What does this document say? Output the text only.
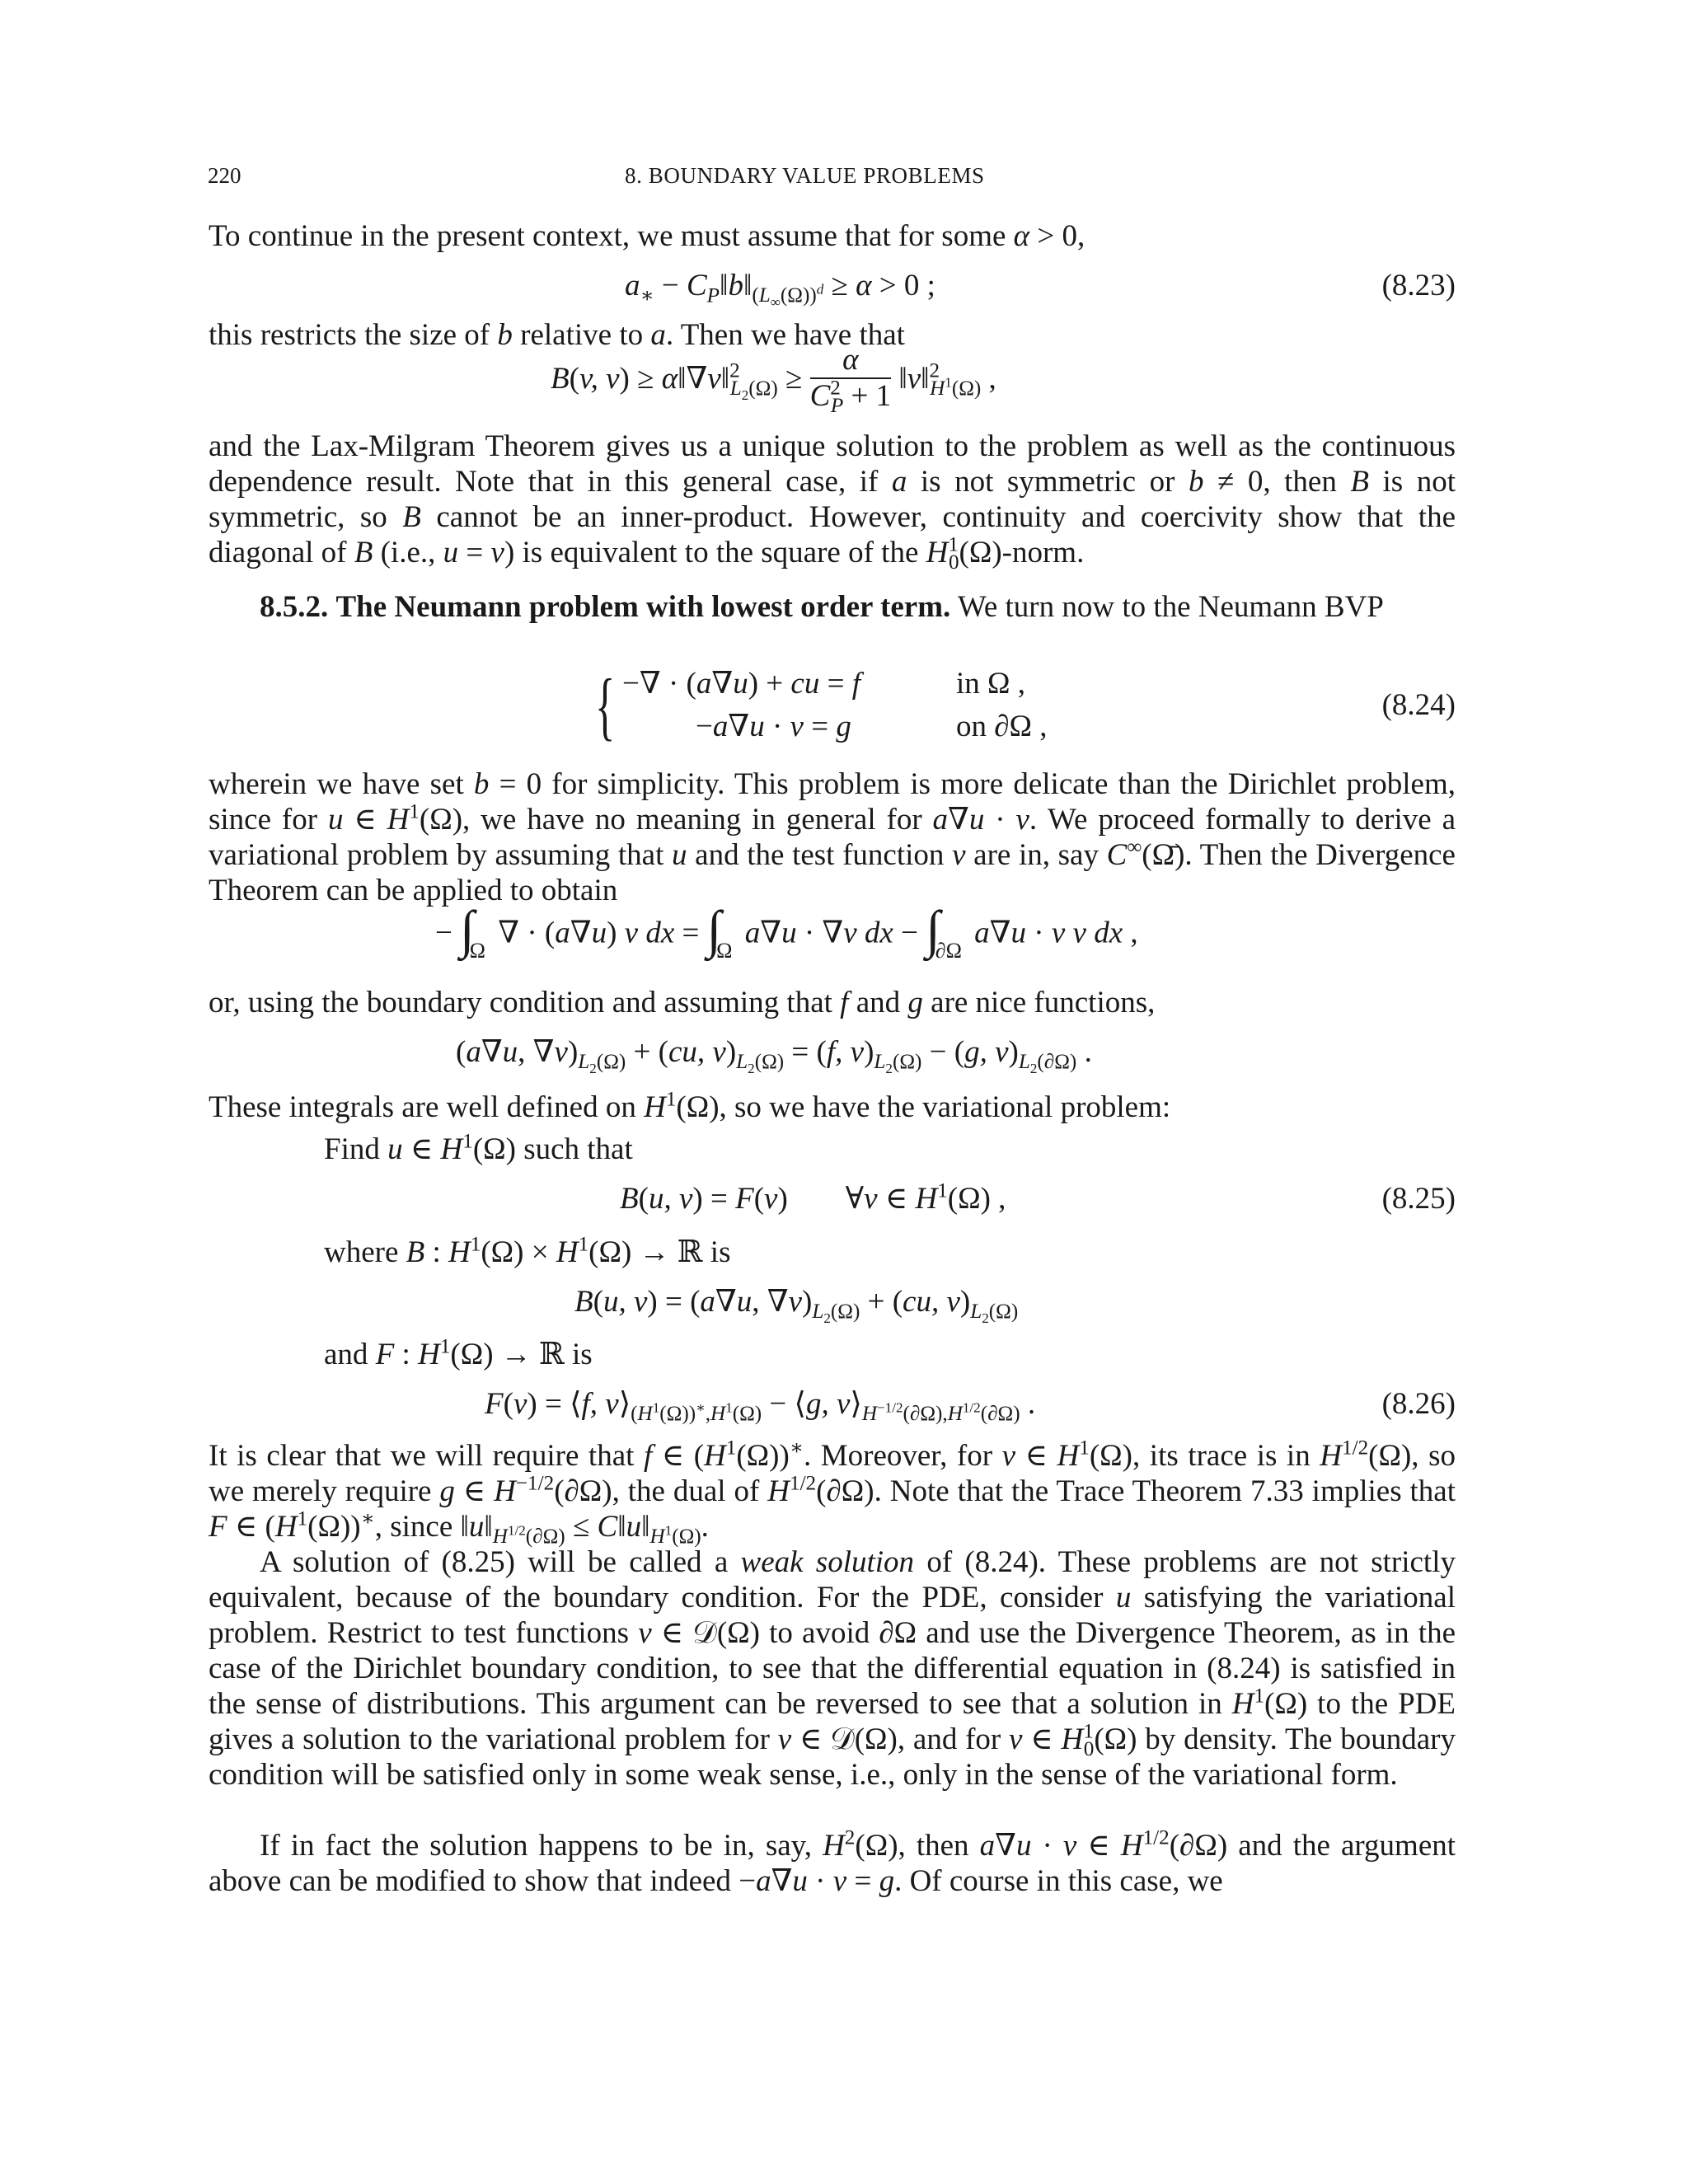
220	8. BOUNDARY VALUE PROBLEMS
To continue in the present context, we must assume that for some α > 0,
$a_∗$ − $C_P‖b‖_{(L_\infty(\Omega))^d} \ge \alpha > 0$ ;	(8.23)
this restricts the size of b relative to a. Then we have that
B(v, v) ≥ α‖∇v‖$^2_{L_2(\Omega)}$ ≥ $\frac{\alpha}{C^2_P + 1}$ ‖v‖$^2_{H^1(\Omega)}$ ,
and the Lax-Milgram Theorem gives us a unique solution to the problem as well as the continuous dependence result. Note that in this general case, if a is not symmetric or b ≠ 0, then B is not symmetric, so B cannot be an inner-product. However, continuity and coercivity show that the diagonal of B (i.e., u = v) is equivalent to the square of the $H^1_0(\Omega)$-norm.
8.5.2. The Neumann problem with lowest order term. We turn now to the Neumann BVP
{ −∇ · (a∇u) + cu = f	in Ω ,
−a∇u · ν = g	on ∂Ω ,
(8.24)
wherein we have set b = 0 for simplicity. This problem is more delicate than the Dirichlet problem, since for u ∈ $H^1(\Omega)$, we have no meaning in general for a∇u · ν. We proceed formally to derive a variational problem by assuming that u and the test function v are in, say C∞(Ω̄). Then the Divergence Theorem can be applied to obtain
− $\int_\Omega$ ∇ · (a∇u) v dx = $\int_\Omega$ a∇u · ∇v dx − $\int_{\partial\Omega}$ a∇u · ν v dx ,
or, using the boundary condition and assuming that f and g are nice functions,
(a∇u, $\nabla v)_{L_2(\Omega)} + (cu$, $v)_{L_2(\Omega)} = (f$, $v)_{L_2(\Omega)} - (g$, $v)_{L_2(\partial\Omega)}$ .
These integrals are well defined on $H^1(\Omega)$, so we have the variational problem:
Find u ∈ $H^1(\Omega)$ such that
B(u, v) = F(v) ∀v ∈ $H^1(\Omega)$ ,	(8.25)
where B : $H^1(\Omega) \times H^1(\Omega)$ → ℝ is
B(u, v) = (a∇u, $\nabla v)_{L_2(\Omega)} + (cu$, $v)_{L_2(\Omega)}$
and F : $H^1(\Omega)$ → ℝ is
F(v) = ⟨f, $v⟩_{(H^1(\Omega))^∗,H^1(\Omega)}$ − ⟨g, $v⟩_{H^{-1/2}(\partial\Omega),H^{1/2}(\partial\Omega)}$ .	(8.26)
It is clear that we will require that f ∈ $(H^1(\Omega))^∗$. Moreover, for v ∈ $H^1(\Omega)$, its trace is in $H^{1/2}(\Omega)$, so we merely require g ∈ $H^{-1/2}(\partial\Omega)$, the dual of $H^{1/2}(\partial\Omega)$. Note that the Trace Theorem 7.33 implies that F ∈ $(H^1(\Omega))^∗$, since $‖u‖_{H^{1/2}(\partial\Omega)}$ ≤ $C‖u‖_{H^1(\Omega)}$.
A solution of (8.25) will be called a weak solution of (8.24). These problems are not strictly equivalent, because of the boundary condition. For the PDE, consider u satisfying the variational problem. Restrict to test functions v ∈ 𝒟(Ω) to avoid ∂Ω and use the Divergence Theorem, as in the case of the Dirichlet boundary condition, to see that the differential equation in (8.24) is satisfied in the sense of distributions. This argument can be reversed to see that a solution in $H^1(\Omega)$ to the PDE gives a solution to the variational problem for v ∈ 𝒟(Ω), and for v ∈ $H^1_0(\Omega)$ by density. The boundary condition will be satisfied only in some weak sense, i.e., only in the sense of the variational form.
If in fact the solution happens to be in, say, $H^2(\Omega)$, then a∇u · ν ∈ $H^{1/2}(\partial\Omega)$ and the argument above can be modified to show that indeed −a∇u · ν = g. Of course in this case, we
